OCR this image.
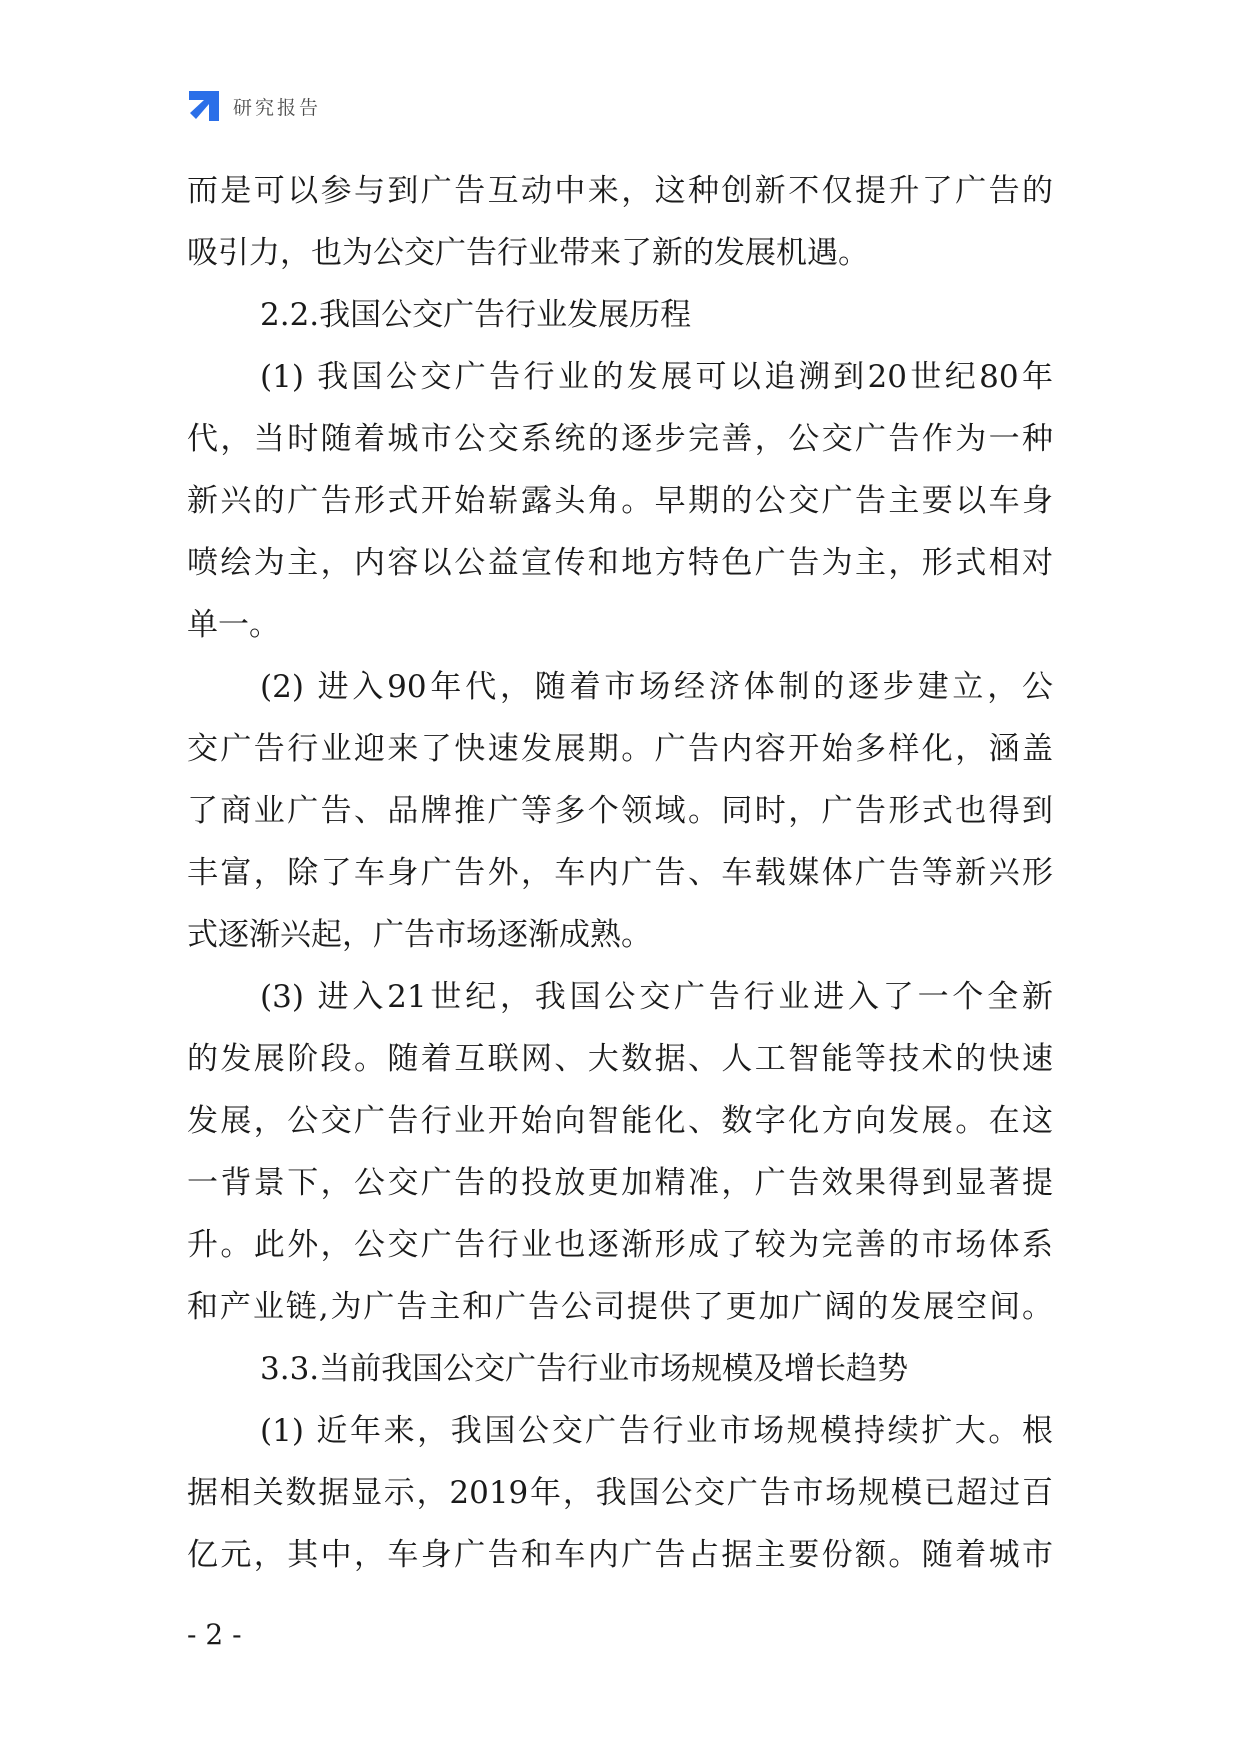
研究报告
而是可以参与到广告互动中来，这种创新不仅提升了广告的
吸引力，也为公交广告行业带来了新的发展机遇。
2.2.我国公交广告行业发展历程
(1) 我国公交广告行业的发展可以追溯到20世纪80年
代，当时随着城市公交系统的逐步完善，公交广告作为一种
新兴的广告形式开始崭露头角。早期的公交广告主要以车身
喷绘为主，内容以公益宣传和地方特色广告为主，形式相对
单一。
(2) 进入90年代，随着市场经济体制的逐步建立，公
交广告行业迎来了快速发展期。广告内容开始多样化，涵盖
了商业广告、品牌推广等多个领域。同时，广告形式也得到
丰富，除了车身广告外，车内广告、车载媒体广告等新兴形
式逐渐兴起，广告市场逐渐成熟。
(3) 进入21世纪，我国公交广告行业进入了一个全新
的发展阶段。随着互联网、大数据、人工智能等技术的快速
发展，公交广告行业开始向智能化、数字化方向发展。在这
一背景下，公交广告的投放更加精准，广告效果得到显著提
升。此外，公交广告行业也逐渐形成了较为完善的市场体系
和产业链,为广告主和广告公司提供了更加广阔的发展空间。
3.3.当前我国公交广告行业市场规模及增长趋势
(1) 近年来，我国公交广告行业市场规模持续扩大。根
据相关数据显示，2019年，我国公交广告市场规模已超过百
亿元，其中，车身广告和车内广告占据主要份额。随着城市
- 2 -
